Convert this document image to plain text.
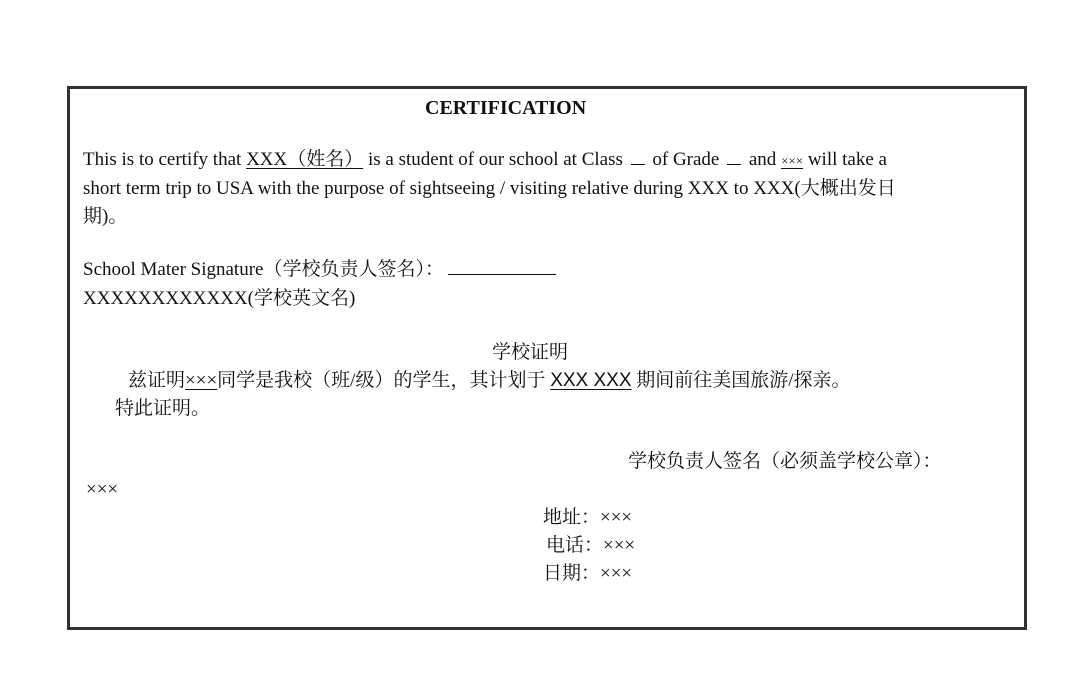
CERTIFICATION
This is to certify that XXX（姓名） is a student of our school at Class  of Grade  and ××× will take a
short term trip to USA with the purpose of sightseeing / visiting relative during XXX to XXX(大概出发日
期)。
School Mater Signature（学校负责人签名）：
XXXXXXXXXXXX(学校英文名)
学校证明
兹证明×××同学是我校（班/级）的学生，其计划于 XXX XXX 期间前往美国旅游/探亲。
特此证明。
学校负责人签名（必须盖学校公章）：
×××
地址：×××
电话：×××
日期：×××
